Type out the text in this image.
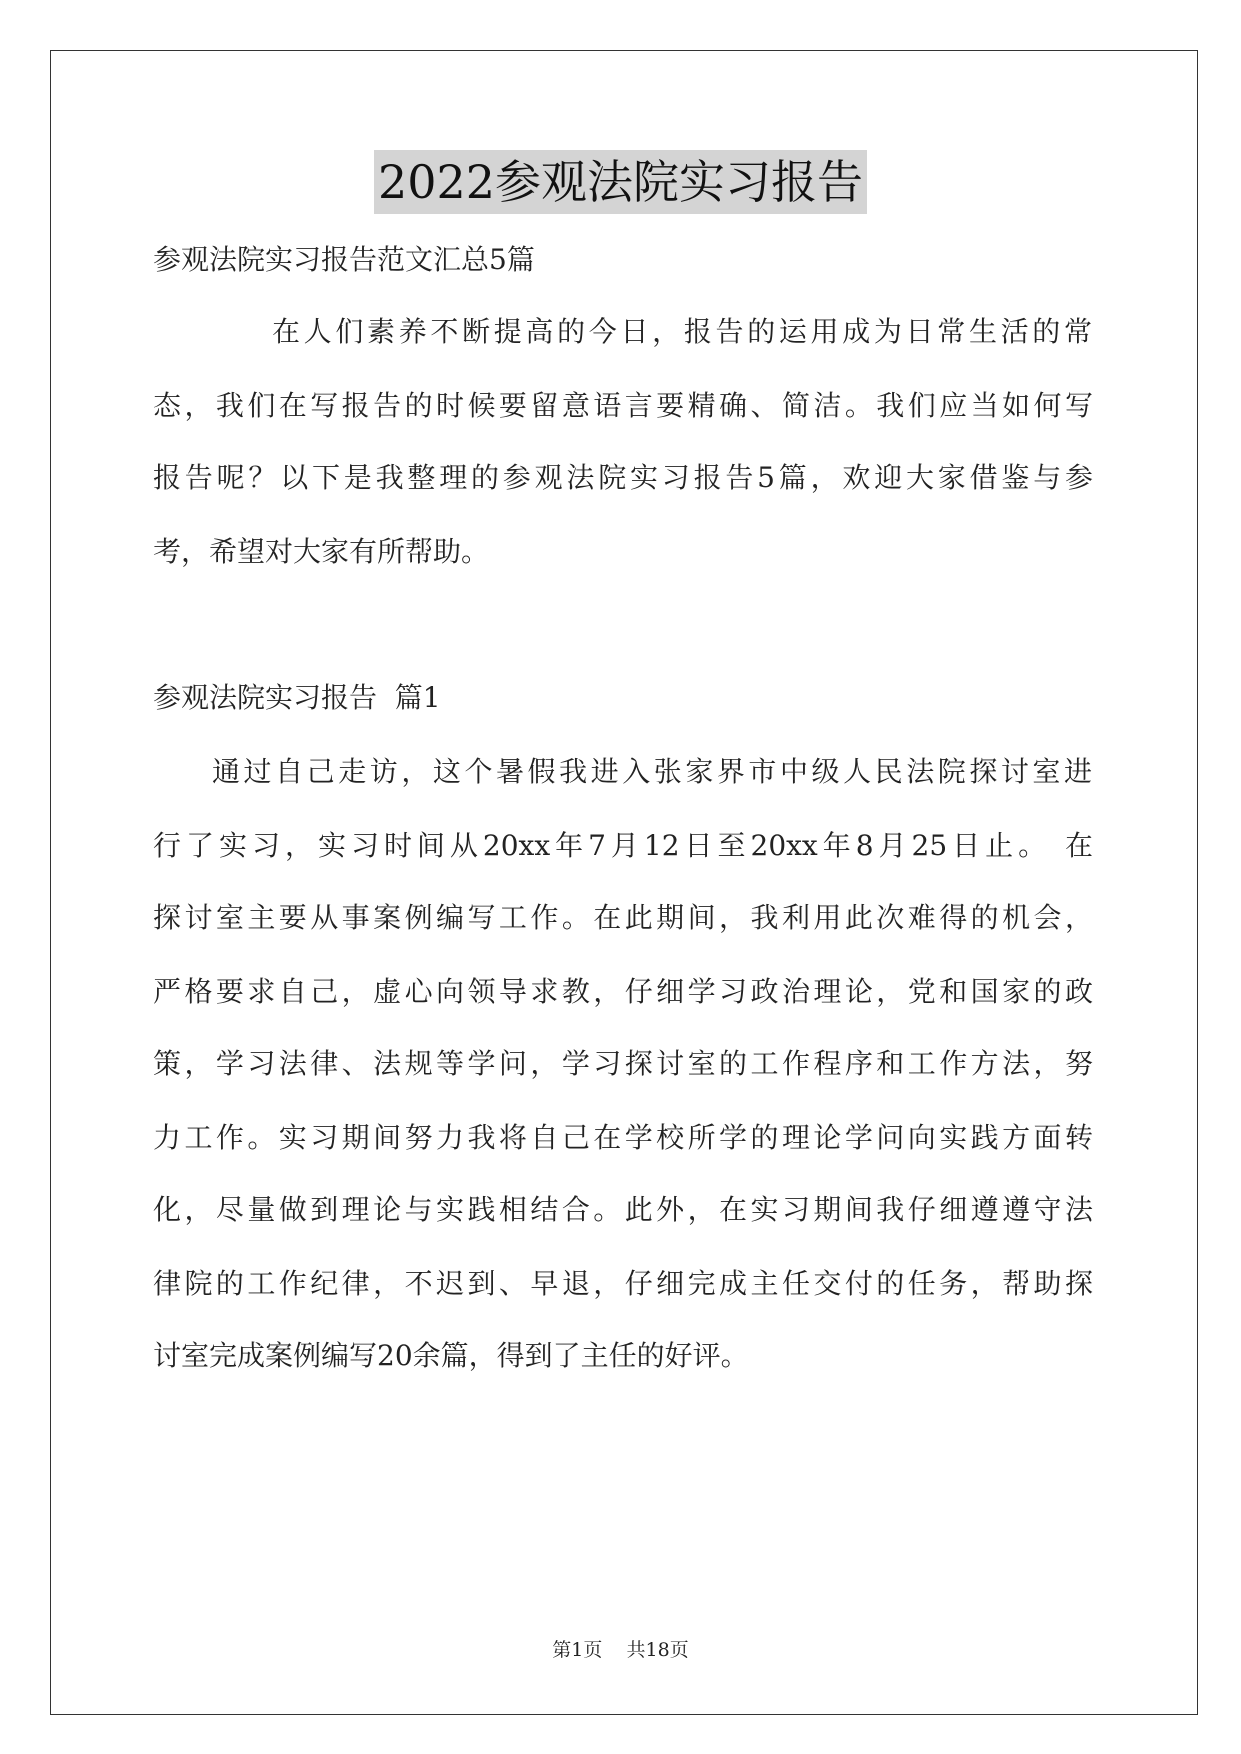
2022参观法院实习报告
参观法院实习报告范文汇总5篇
在人们素养不断提高的今日，报告的运用成为日常生活的常
态，我们在写报告的时候要留意语言要精确、简洁。我们应当如何写
报告呢？以下是我整理的参观法院实习报告5篇，欢迎大家借鉴与参
考，希望对大家有所帮助。
参观法院实习报告  篇1
通过自己走访，这个暑假我进入张家界市中级人民法院探讨室进
行了实习，实习时间从20xx年7月12日至20xx年8月25日止。 在
探讨室主要从事案例编写工作。在此期间，我利用此次难得的机会，
严格要求自己，虚心向领导求教，仔细学习政治理论，党和国家的政
策，学习法律、法规等学问，学习探讨室的工作程序和工作方法，努
力工作。实习期间努力我将自己在学校所学的理论学问向实践方面转
化，尽量做到理论与实践相结合。此外，在实习期间我仔细遵遵守法
律院的工作纪律，不迟到、早退，仔细完成主任交付的任务，帮助探
讨室完成案例编写20余篇，得到了主任的好评。
第1页    共18页
